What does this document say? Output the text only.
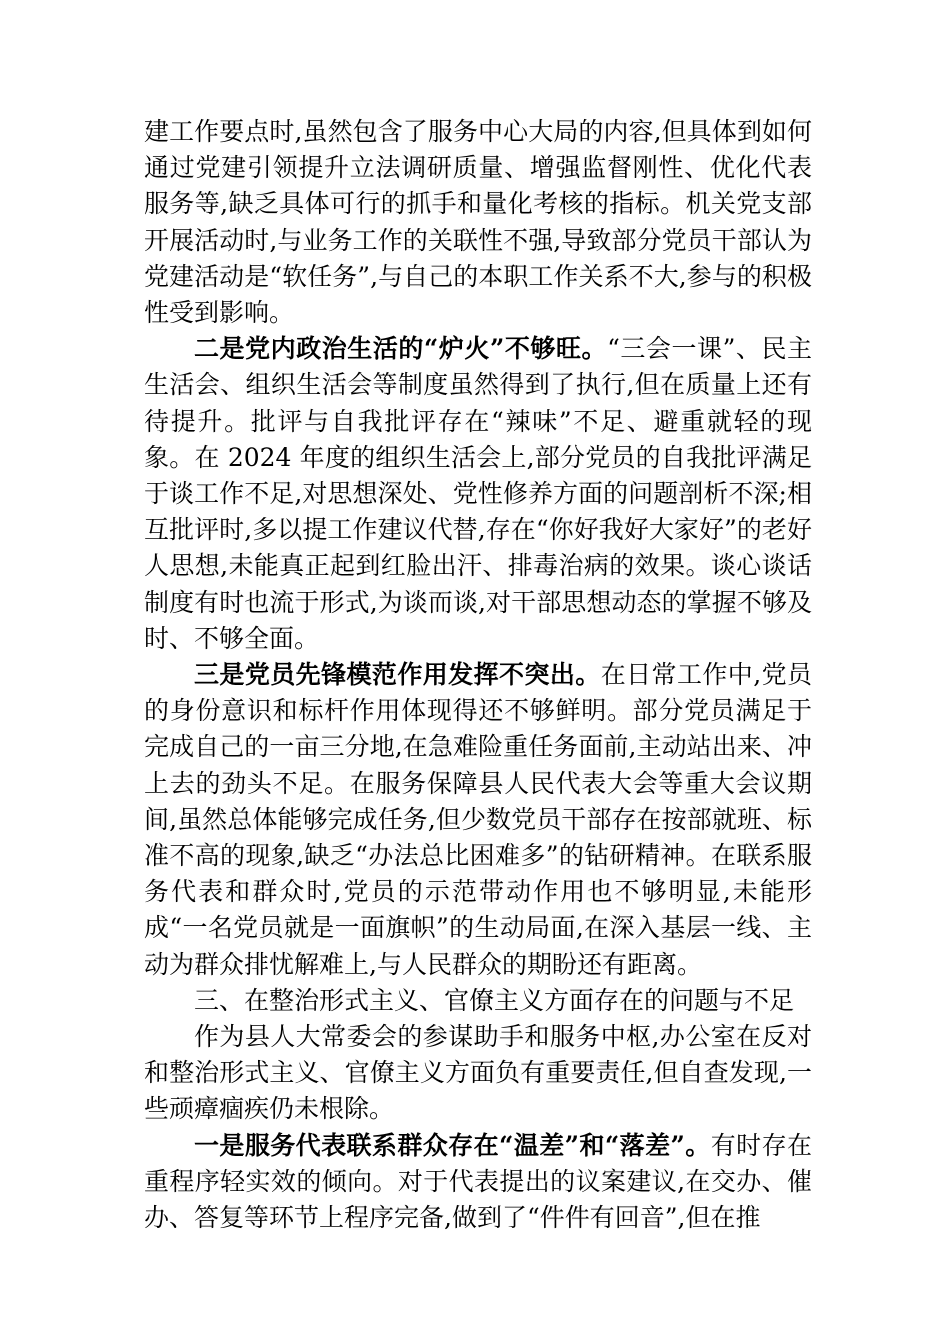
建工作要点时,虽然包含了服务中心大局的内容,但具体到如何通过党建引领提升立法调研质量、增强监督刚性、优化代表服务等,缺乏具体可行的抓手和量化考核的指标。机关党支部开展活动时,与业务工作的关联性不强,导致部分党员干部认为党建活动是“软任务”,与自己的本职工作关系不大,参与的积极性受到影响。

二是党内政治生活的“炉火”不够旺。“三会一课”、民主生活会、组织生活会等制度虽然得到了执行,但在质量上还有待提升。批评与自我批评存在“辣味”不足、避重就轻的现象。在 2024 年度的组织生活会上,部分党员的自我批评满足于谈工作不足,对思想深处、党性修养方面的问题剖析不深;相互批评时,多以提工作建议代替,存在“你好我好大家好”的老好人思想,未能真正起到红脸出汗、排毒治病的效果。谈心谈话制度有时也流于形式,为谈而谈,对干部思想动态的掌握不够及时、不够全面。

三是党员先锋模范作用发挥不突出。在日常工作中,党员的身份意识和标杆作用体现得还不够鲜明。部分党员满足于完成自己的一亩三分地,在急难险重任务面前,主动站出来、冲上去的劲头不足。在服务保障县人民代表大会等重大会议期间,虽然总体能够完成任务,但少数党员干部存在按部就班、标准不高的现象,缺乏“办法总比困难多”的钻研精神。在联系服务代表和群众时,党员的示范带动作用也不够明显,未能形成“一名党员就是一面旗帜”的生动局面,在深入基层一线、主动为群众排忧解难上,与人民群众的期盼还有距离。

三、在整治形式主义、官僚主义方面存在的问题与不足

作为县人大常委会的参谋助手和服务中枢,办公室在反对和整治形式主义、官僚主义方面负有重要责任,但自查发现,一些顽瘴痼疾仍未根除。

一是服务代表联系群众存在“温差”和“落差”。有时存在重程序轻实效的倾向。对于代表提出的议案建议,在交办、催办、答复等环节上程序完备,做到了“件件有回音”,但在推
